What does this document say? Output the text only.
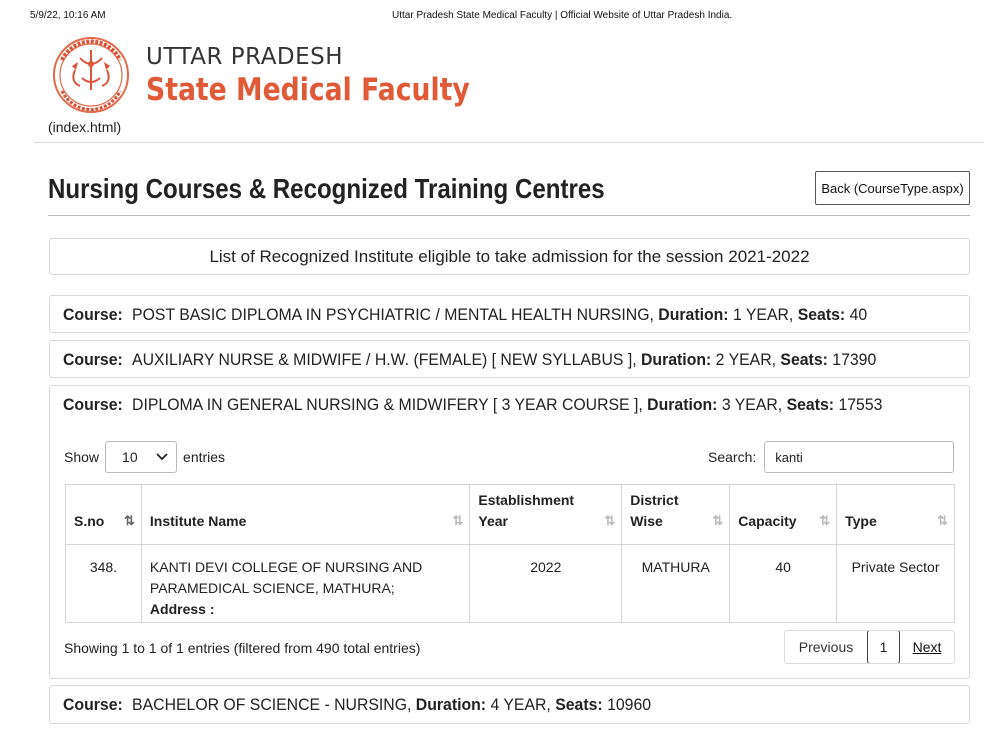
5/9/22, 10:16 AM	Uttar Pradesh State Medical Faculty | Official Website of Uttar Pradesh India.
UTTAR PRADESH
State Medical Faculty
(index.html)
Nursing Courses & Recognized Training Centres	Back (CourseType.aspx)
List of Recognized Institute eligible to take admission for the session 2021-2022
Course: POST BASIC DIPLOMA IN PSYCHIATRIC / MENTAL HEALTH NURSING , Duration:
1 YEAR , Seats:
40
Course: AUXILIARY NURSE & MIDWIFE / H.W. (FEMALE) [ NEW SYLLABUS ] , Duration:
2 YEAR , Seats:
17390
Course: DIPLOMA IN GENERAL NURSING & MIDWIFERY [ 3 YEAR COURSE ] , Duration:
3 YEAR , Seats:
17553
Show 10	entries	Search: kanti
S.no ⇅	Institute Name ⇅	Establishment
Year ⇅	District
Wise ⇅	Capacity ⇅	Type ⇅

348.	KANTI DEVI COLLEGE OF NURSING AND
PARAMEDICAL SCIENCE, MATHURA;
Address :	2022	MATHURA	40	Private Sector
Showing 1 to 1 of 1 entries (filtered from 490 total entries)	Previous	1	Next
Course: BACHELOR OF SCIENCE - NURSING , Duration:
4 YEAR , Seats:
10960
